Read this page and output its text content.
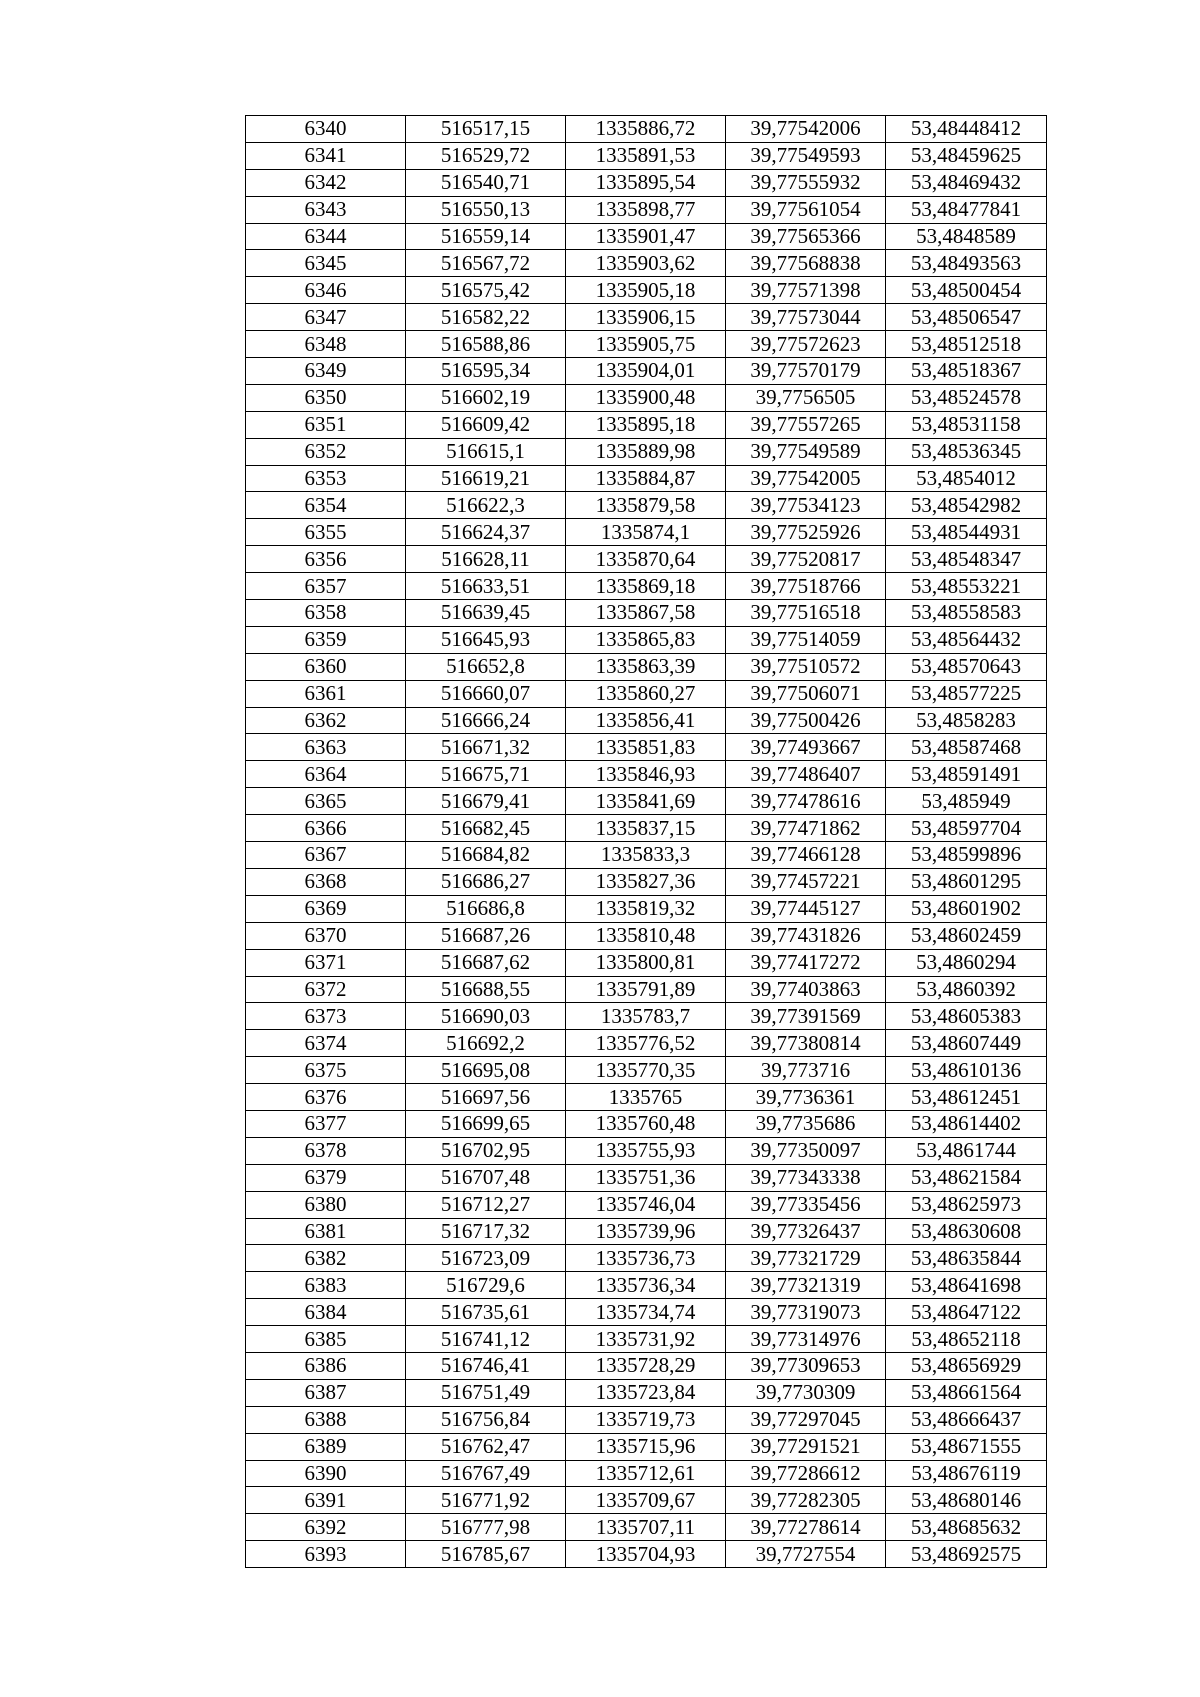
6340	516517,15	1335886,72	39,77542006	53,48448412
6341	516529,72	1335891,53	39,77549593	53,48459625
6342	516540,71	1335895,54	39,77555932	53,48469432
6343	516550,13	1335898,77	39,77561054	53,48477841
6344	516559,14	1335901,47	39,77565366	53,4848589
6345	516567,72	1335903,62	39,77568838	53,48493563
6346	516575,42	1335905,18	39,77571398	53,48500454
6347	516582,22	1335906,15	39,77573044	53,48506547
6348	516588,86	1335905,75	39,77572623	53,48512518
6349	516595,34	1335904,01	39,77570179	53,48518367
6350	516602,19	1335900,48	39,7756505	53,48524578
6351	516609,42	1335895,18	39,77557265	53,48531158
6352	516615,1	1335889,98	39,77549589	53,48536345
6353	516619,21	1335884,87	39,77542005	53,4854012
6354	516622,3	1335879,58	39,77534123	53,48542982
6355	516624,37	1335874,1	39,77525926	53,48544931
6356	516628,11	1335870,64	39,77520817	53,48548347
6357	516633,51	1335869,18	39,77518766	53,48553221
6358	516639,45	1335867,58	39,77516518	53,48558583
6359	516645,93	1335865,83	39,77514059	53,48564432
6360	516652,8	1335863,39	39,77510572	53,48570643
6361	516660,07	1335860,27	39,77506071	53,48577225
6362	516666,24	1335856,41	39,77500426	53,4858283
6363	516671,32	1335851,83	39,77493667	53,48587468
6364	516675,71	1335846,93	39,77486407	53,48591491
6365	516679,41	1335841,69	39,77478616	53,485949
6366	516682,45	1335837,15	39,77471862	53,48597704
6367	516684,82	1335833,3	39,77466128	53,48599896
6368	516686,27	1335827,36	39,77457221	53,48601295
6369	516686,8	1335819,32	39,77445127	53,48601902
6370	516687,26	1335810,48	39,77431826	53,48602459
6371	516687,62	1335800,81	39,77417272	53,4860294
6372	516688,55	1335791,89	39,77403863	53,4860392
6373	516690,03	1335783,7	39,77391569	53,48605383
6374	516692,2	1335776,52	39,77380814	53,48607449
6375	516695,08	1335770,35	39,773716	53,48610136
6376	516697,56	1335765	39,7736361	53,48612451
6377	516699,65	1335760,48	39,7735686	53,48614402
6378	516702,95	1335755,93	39,77350097	53,4861744
6379	516707,48	1335751,36	39,77343338	53,48621584
6380	516712,27	1335746,04	39,77335456	53,48625973
6381	516717,32	1335739,96	39,77326437	53,48630608
6382	516723,09	1335736,73	39,77321729	53,48635844
6383	516729,6	1335736,34	39,77321319	53,48641698
6384	516735,61	1335734,74	39,77319073	53,48647122
6385	516741,12	1335731,92	39,77314976	53,48652118
6386	516746,41	1335728,29	39,77309653	53,48656929
6387	516751,49	1335723,84	39,7730309	53,48661564
6388	516756,84	1335719,73	39,77297045	53,48666437
6389	516762,47	1335715,96	39,77291521	53,48671555
6390	516767,49	1335712,61	39,77286612	53,48676119
6391	516771,92	1335709,67	39,77282305	53,48680146
6392	516777,98	1335707,11	39,77278614	53,48685632
6393	516785,67	1335704,93	39,7727554	53,48692575
